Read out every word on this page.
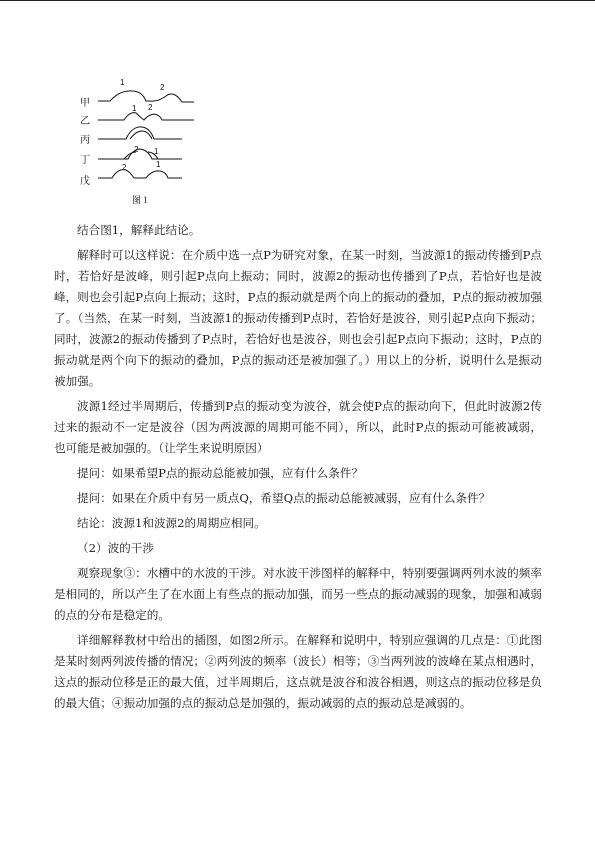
甲
乙
丙
丁
戊
1
2
1 2
2 1
2	1
图 1

结合图1，解释此结论。

解释时可以这样说：在介质中选一点P为研究对象，在某一时刻，当波源1的振动传播到P点时，若恰好是波峰，则引起P点向上振动；同时，波源2的振动也传播到了P点，若恰好也是波峰，则也会引起P点向上振动；这时，P点的振动就是两个向上的振动的叠加，P点的振动被加强了。（当然，在某一时刻，当波源1的振动传播到P点时，若恰好是波谷，则引起P点向下振动；同时，波源2的振动传播到了P点时，若恰好也是波谷，则也会引起P点向下振动；这时，P点的振动就是两个向下的振动的叠加，P点的振动还是被加强了。）用以上的分析，说明什么是振动被加强。

波源1经过半周期后，传播到P点的振动变为波谷，就会使P点的振动向下，但此时波源2传过来的振动不一定是波谷（因为两波源的周期可能不同），所以，此时P点的振动可能被减弱，也可能是被加强的。（让学生来说明原因）

提问：如果希望P点的振动总能被加强，应有什么条件？

提问：如果在介质中有另一质点Q，希望Q点的振动总能被减弱，应有什么条件？

结论：波源1和波源2的周期应相同。

（2）波的干涉

观察现象③：水槽中的水波的干涉。对水波干涉图样的解释中，特别要强调两列水波的频率是相同的，所以产生了在水面上有些点的振动加强，而另一些点的振动减弱的现象，加强和减弱的点的分布是稳定的。

详细解释教材中给出的插图，如图2所示。在解释和说明中，特别应强调的几点是：①此图是某时刻两列波传播的情况；②两列波的频率（波长）相等；③当两列波的波峰在某点相遇时，这点的振动位移是正的最大值，过半周期后，这点就是波谷和波谷相遇，则这点的振动位移是负的最大值；④振动加强的点的振动总是加强的，振动减弱的点的振动总是减弱的。
